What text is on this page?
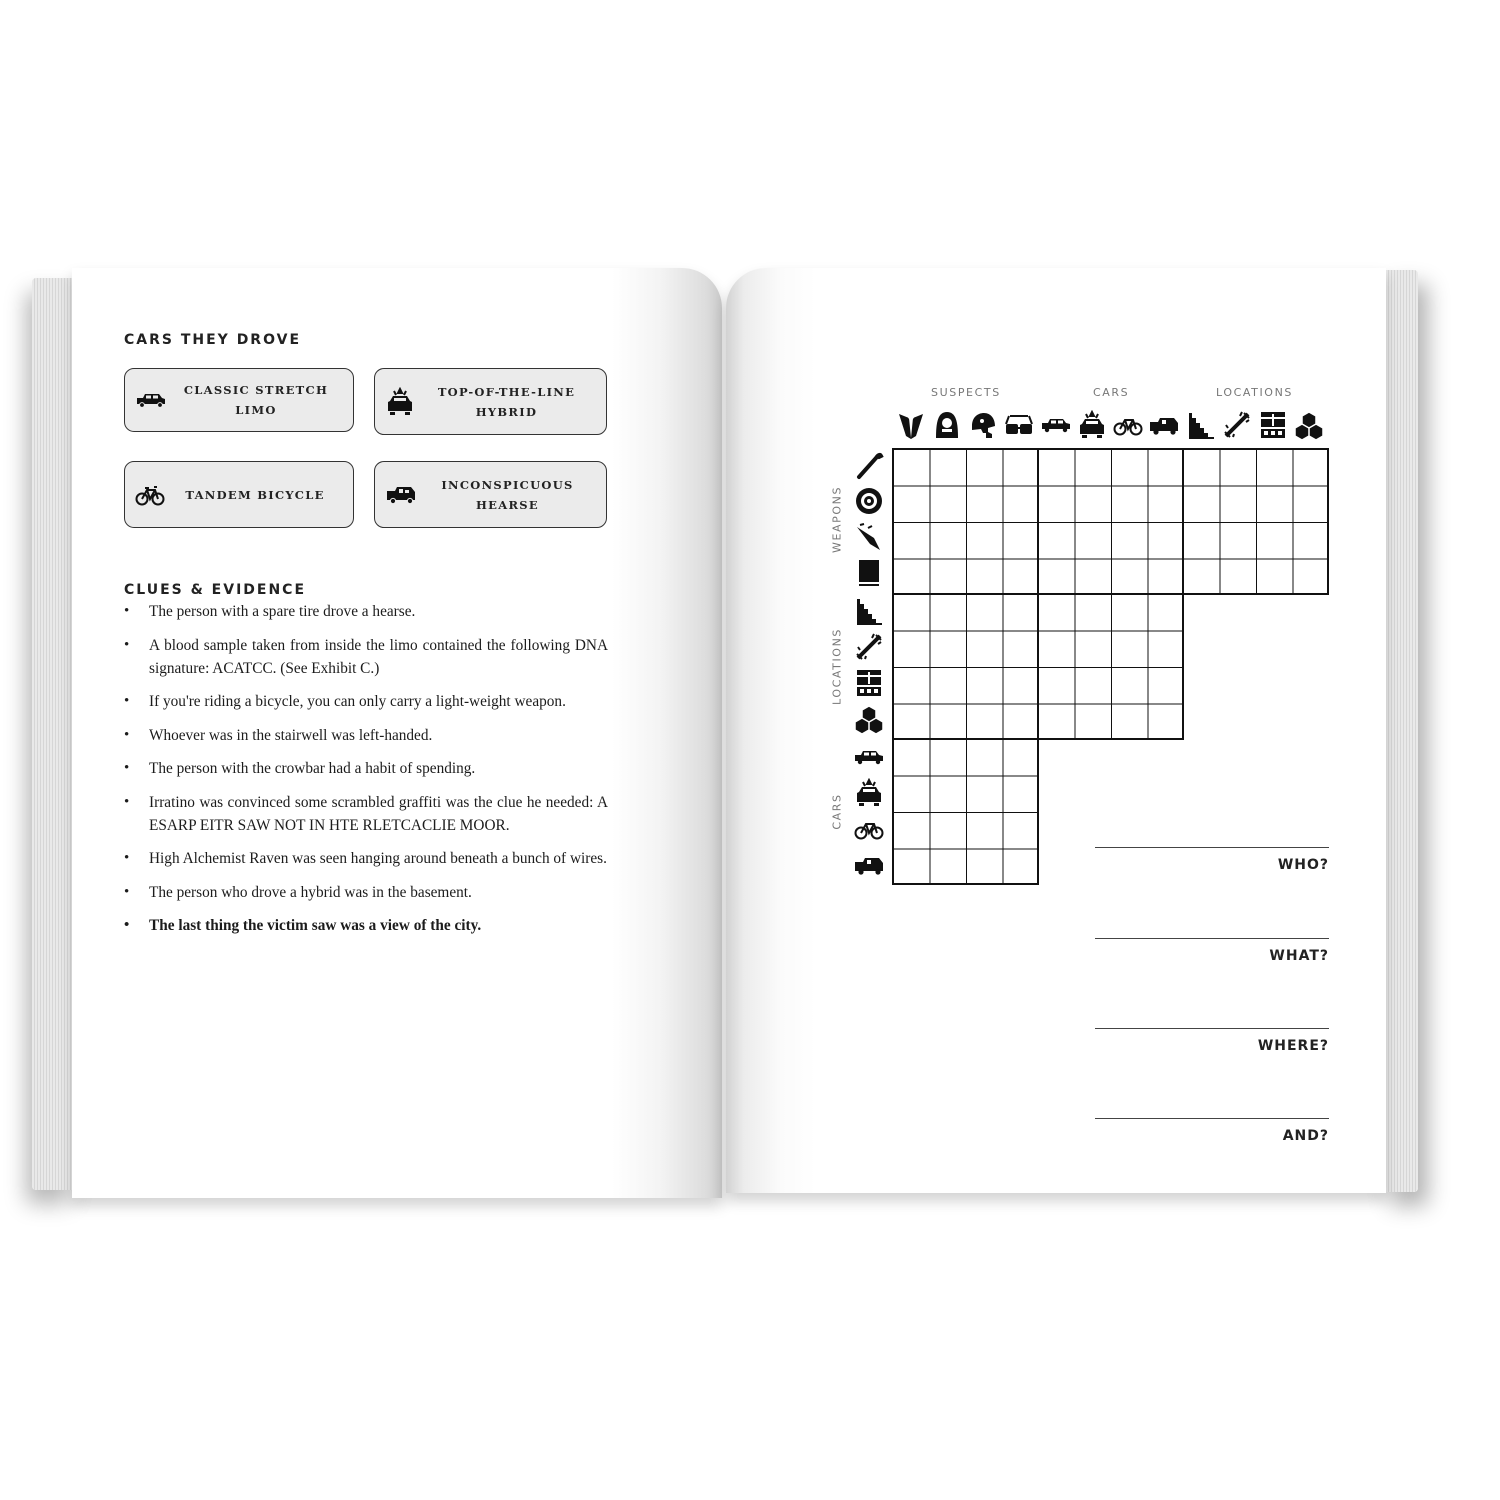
CARS THEY DROVE
CLASSIC STRETCH LIMO
TOP-OF-THE-LINE HYBRID
TANDEM BICYCLE
INCONSPICUOUS HEARSE
CLUES & EVIDENCE
• The person with a spare tire drove a hearse.
• A blood sample taken from inside the limo contained the following DNA signature: ACATCC. (See Exhibit C.)
• If you're riding a bicycle, you can only carry a light-weight weapon.
• Whoever was in the stairwell was left-handed.
• The person with the crowbar had a habit of spending.
• Irratino was convinced some scrambled graffiti was the clue he needed: A ESARP EITR SAW NOT IN HTE RLETCACLIE MOOR.
• High Alchemist Raven was seen hanging around beneath a bunch of wires.
• The person who drove a hybrid was in the basement.
• The last thing the victim saw was a view of the city.
SUSPECTS	CARS	LOCATIONS
WEAPONS
LOCATIONS
CARS
WHO?
WHAT?
WHERE?
AND?
